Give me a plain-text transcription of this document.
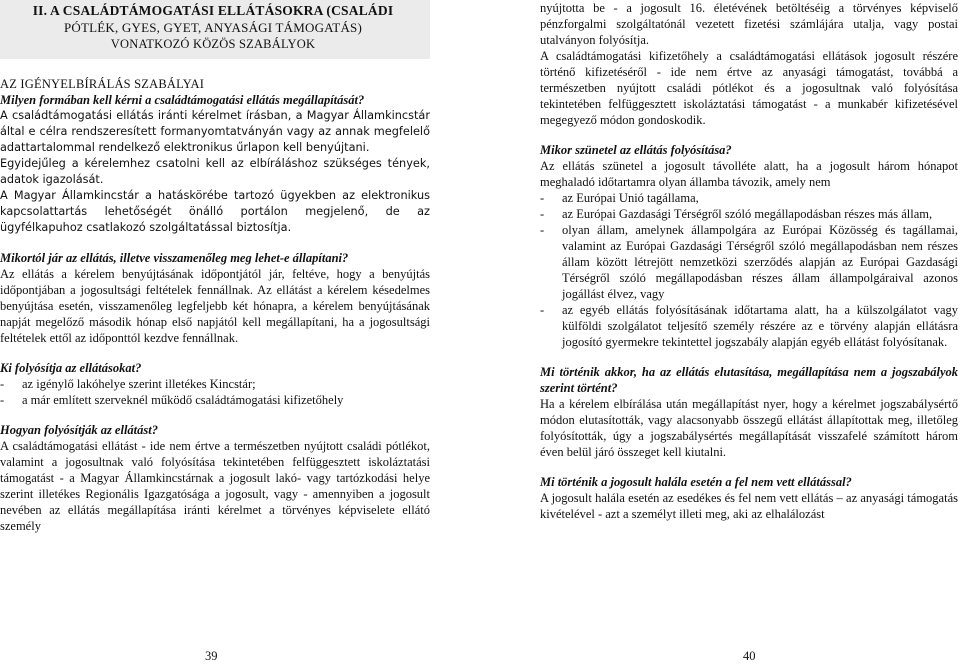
II. A CSALÁDTÁMOGATÁSI ELLÁTÁSOKRA (CSALÁDI
PÓTLÉK, GYES, GYET, ANYASÁGI TÁMOGATÁS)
VONATKOZÓ KÖZÖS SZABÁLYOK
AZ IGÉNYELBÍRÁLÁS SZABÁLYAI

Milyen formában kell kérni a családtámogatási ellátás megállapítását?

A családtámogatási ellátás iránti kérelmet írásban, a Magyar Államkincstár által e célra rendszeresített formanyomtatványán vagy az annak megfelelő adattartalommal rendelkező elektronikus űrlapon kell benyújtani.

Egyidejűleg a kérelemhez csatolni kell az elbíráláshoz szükséges tények, adatok igazolását.

A Magyar Államkincstár a hatáskörébe tartozó ügyekben az elektronikus kapcsolattartás lehetőségét önálló portálon megjelenő, de az ügyfélkapuhoz csatlakozó szolgáltatással biztosítja.

Mikortól jár az ellátás, illetve visszamenőleg meg lehet-e állapítani?

Az ellátás a kérelem benyújtásának időpontjától jár, feltéve, hogy a benyújtás időpontjában a jogosultsági feltételek fennállnak. Az ellátást a kérelem késedelmes benyújtása esetén, visszamenőleg legfeljebb két hónapra, a kérelem benyújtásának napját megelőző második hónap első napjától kell megállapítani, ha a jogosultsági feltételek ettől az időponttól kezdve fennállnak.

Ki folyósítja az ellátásokat?

-	az igénylő lakóhelye szerint illetékes Kincstár;
-	a már említett szerveknél működő családtámogatási kifizetőhely

Hogyan folyósítják az ellátást?

A családtámogatási ellátást - ide nem értve a természetben nyújtott családi pótlékot, valamint a jogosultnak való folyósítása tekintetében felfüggesztett iskoláztatási támogatást - a Magyar Államkincstárnak a jogosult lakó- vagy tartózkodási helye szerint illetékes Regionális Igazgatósága a jogosult, vagy - amennyiben a jogosult nevében az ellátás megállapítása iránti kérelmet a törvényes képviselete ellátó személy

39

nyújtotta be - a jogosult 16. életévének betöltéséig a törvényes képviselő pénzforgalmi szolgáltatónál vezetett fizetési számlájára utalja, vagy postai utalványon folyósítja.

A családtámogatási kifizetőhely a családtámogatási ellátások jogosult részére történő kifizetéséről - ide nem értve az anyasági támogatást, továbbá a természetben nyújtott családi pótlékot és a jogosultnak való folyósítása tekintetében felfüggesztett iskoláztatási támogatást - a munkabér kifizetésével megegyező módon gondoskodik.

Mikor szünetel az ellátás folyósítása?

Az ellátás szünetel a jogosult távolléte alatt, ha a jogosult három hónapot meghaladó időtartamra olyan államba távozik, amely nem

-	az Európai Unió tagállama,
-	az Európai Gazdasági Térségről szóló megállapodásban részes más állam,
-	olyan állam, amelynek állampolgára az Európai Közösség és tagállamai, valamint az Európai Gazdasági Térségről szóló megállapodásban nem részes állam között létrejött nemzetközi szerződés alapján az Európai Gazdasági Térségről szóló megállapodásban részes állam állampolgáraival azonos jogállást élvez, vagy
-	az egyéb ellátás folyósításának időtartama alatt, ha a külszolgálatot vagy külföldi szolgálatot teljesítő személy részére az e törvény alapján ellátásra jogosító gyermekre tekintettel jogszabály alapján egyéb ellátást folyósítanak.

Mi történik akkor, ha az ellátás elutasítása, megállapítása nem a jogszabályok szerint történt?

Ha a kérelem elbírálása után megállapítást nyer, hogy a kérelmet jogszabálysértő módon elutasították, vagy alacsonyabb összegű ellátást állapítottak meg, illetőleg folyósították, úgy a jogszabálysértés megállapítását visszafelé számított három éven belül járó összeget kell kiutalni.

Mi történik a jogosult halála esetén a fel nem vett ellátással?

A jogosult halála esetén az esedékes és fel nem vett ellátás – az anyasági támogatás kivételével - azt a személyt illeti meg, aki az elhalálozást

40
